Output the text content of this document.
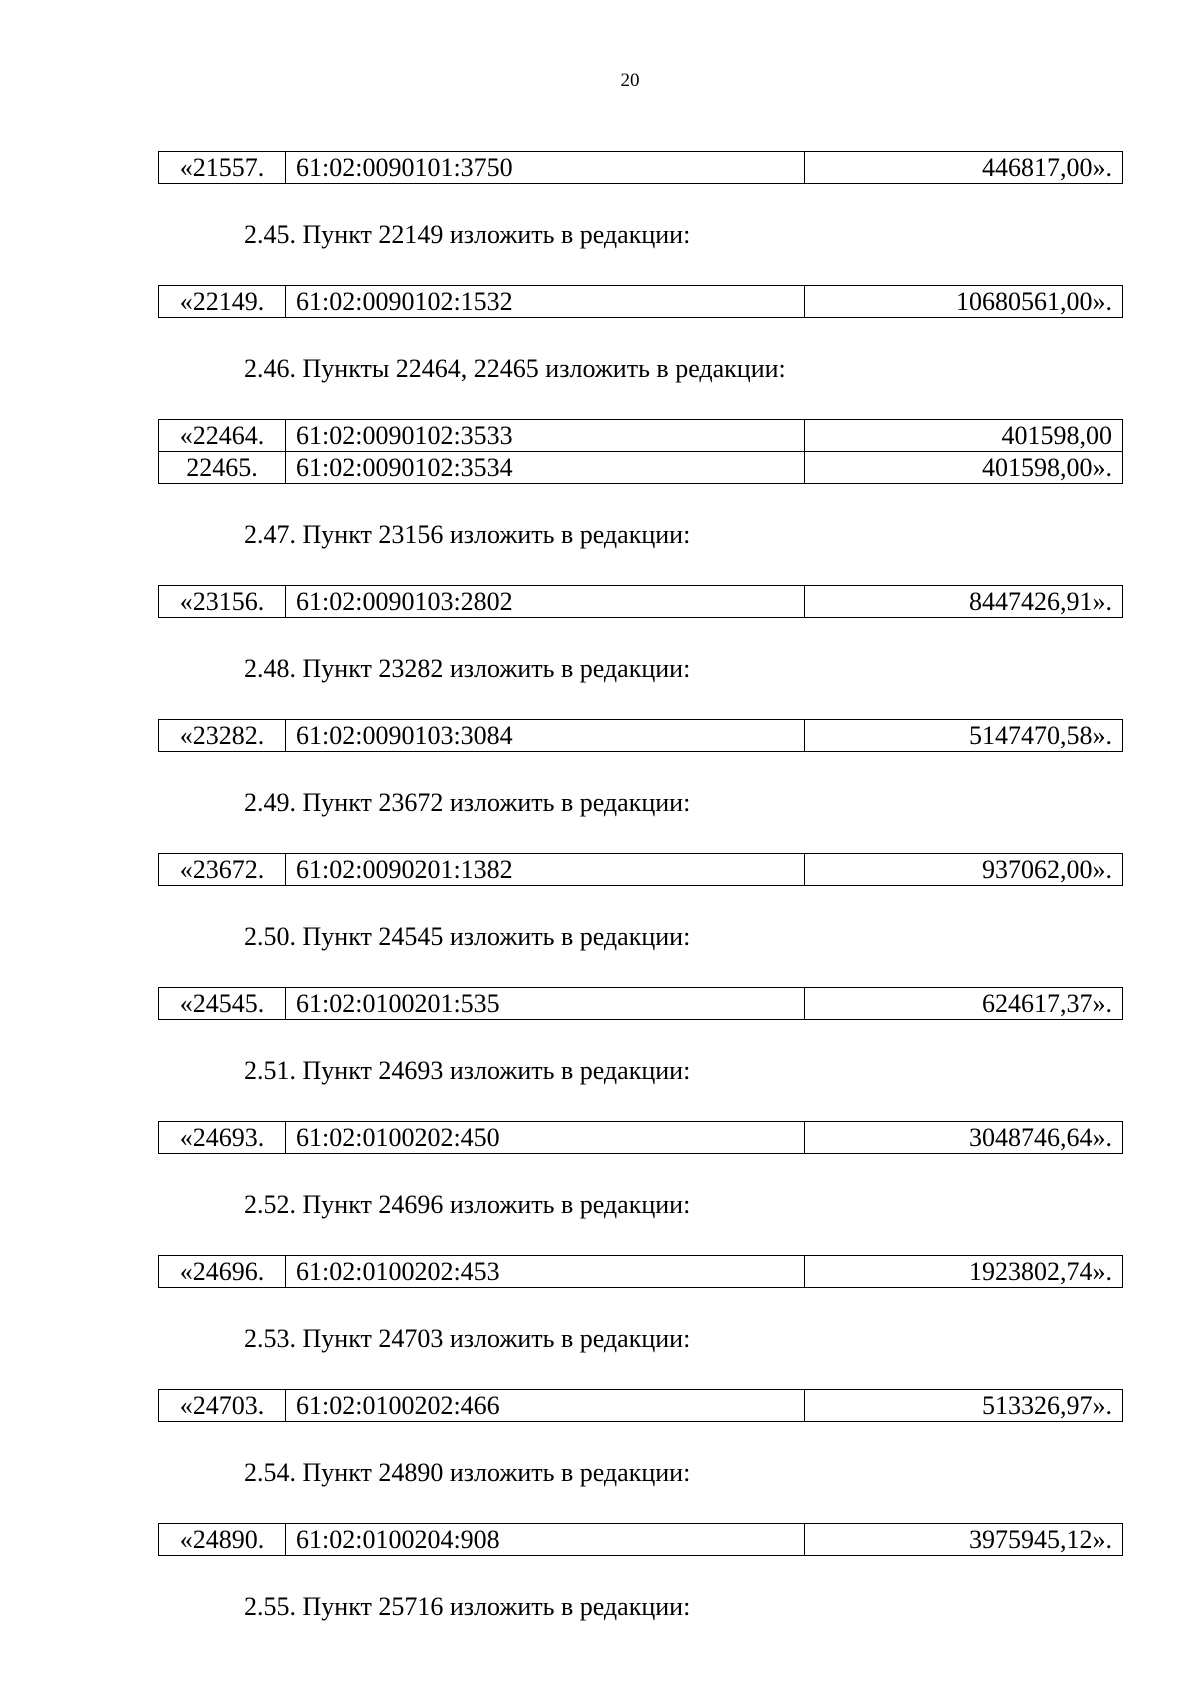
20
«21557.	61:02:0090101:3750	446817,00».

2.45. Пункт 22149 изложить в редакции:

«22149.	61:02:0090102:1532	10680561,00».

2.46. Пункты 22464, 22465 изложить в редакции:

«22464.	61:02:0090102:3533	401598,00
22465.	61:02:0090102:3534	401598,00».

2.47. Пункт 23156 изложить в редакции:

«23156.	61:02:0090103:2802	8447426,91».

2.48. Пункт 23282 изложить в редакции:

«23282.	61:02:0090103:3084	5147470,58».

2.49. Пункт 23672 изложить в редакции:

«23672.	61:02:0090201:1382	937062,00».

2.50. Пункт 24545 изложить в редакции:

«24545.	61:02:0100201:535	624617,37».

2.51. Пункт 24693 изложить в редакции:

«24693.	61:02:0100202:450	3048746,64».

2.52. Пункт 24696 изложить в редакции:

«24696.	61:02:0100202:453	1923802,74».

2.53. Пункт 24703 изложить в редакции:

«24703.	61:02:0100202:466	513326,97».

2.54. Пункт 24890 изложить в редакции:

«24890.	61:02:0100204:908	3975945,12».

2.55. Пункт 25716 изложить в редакции:
